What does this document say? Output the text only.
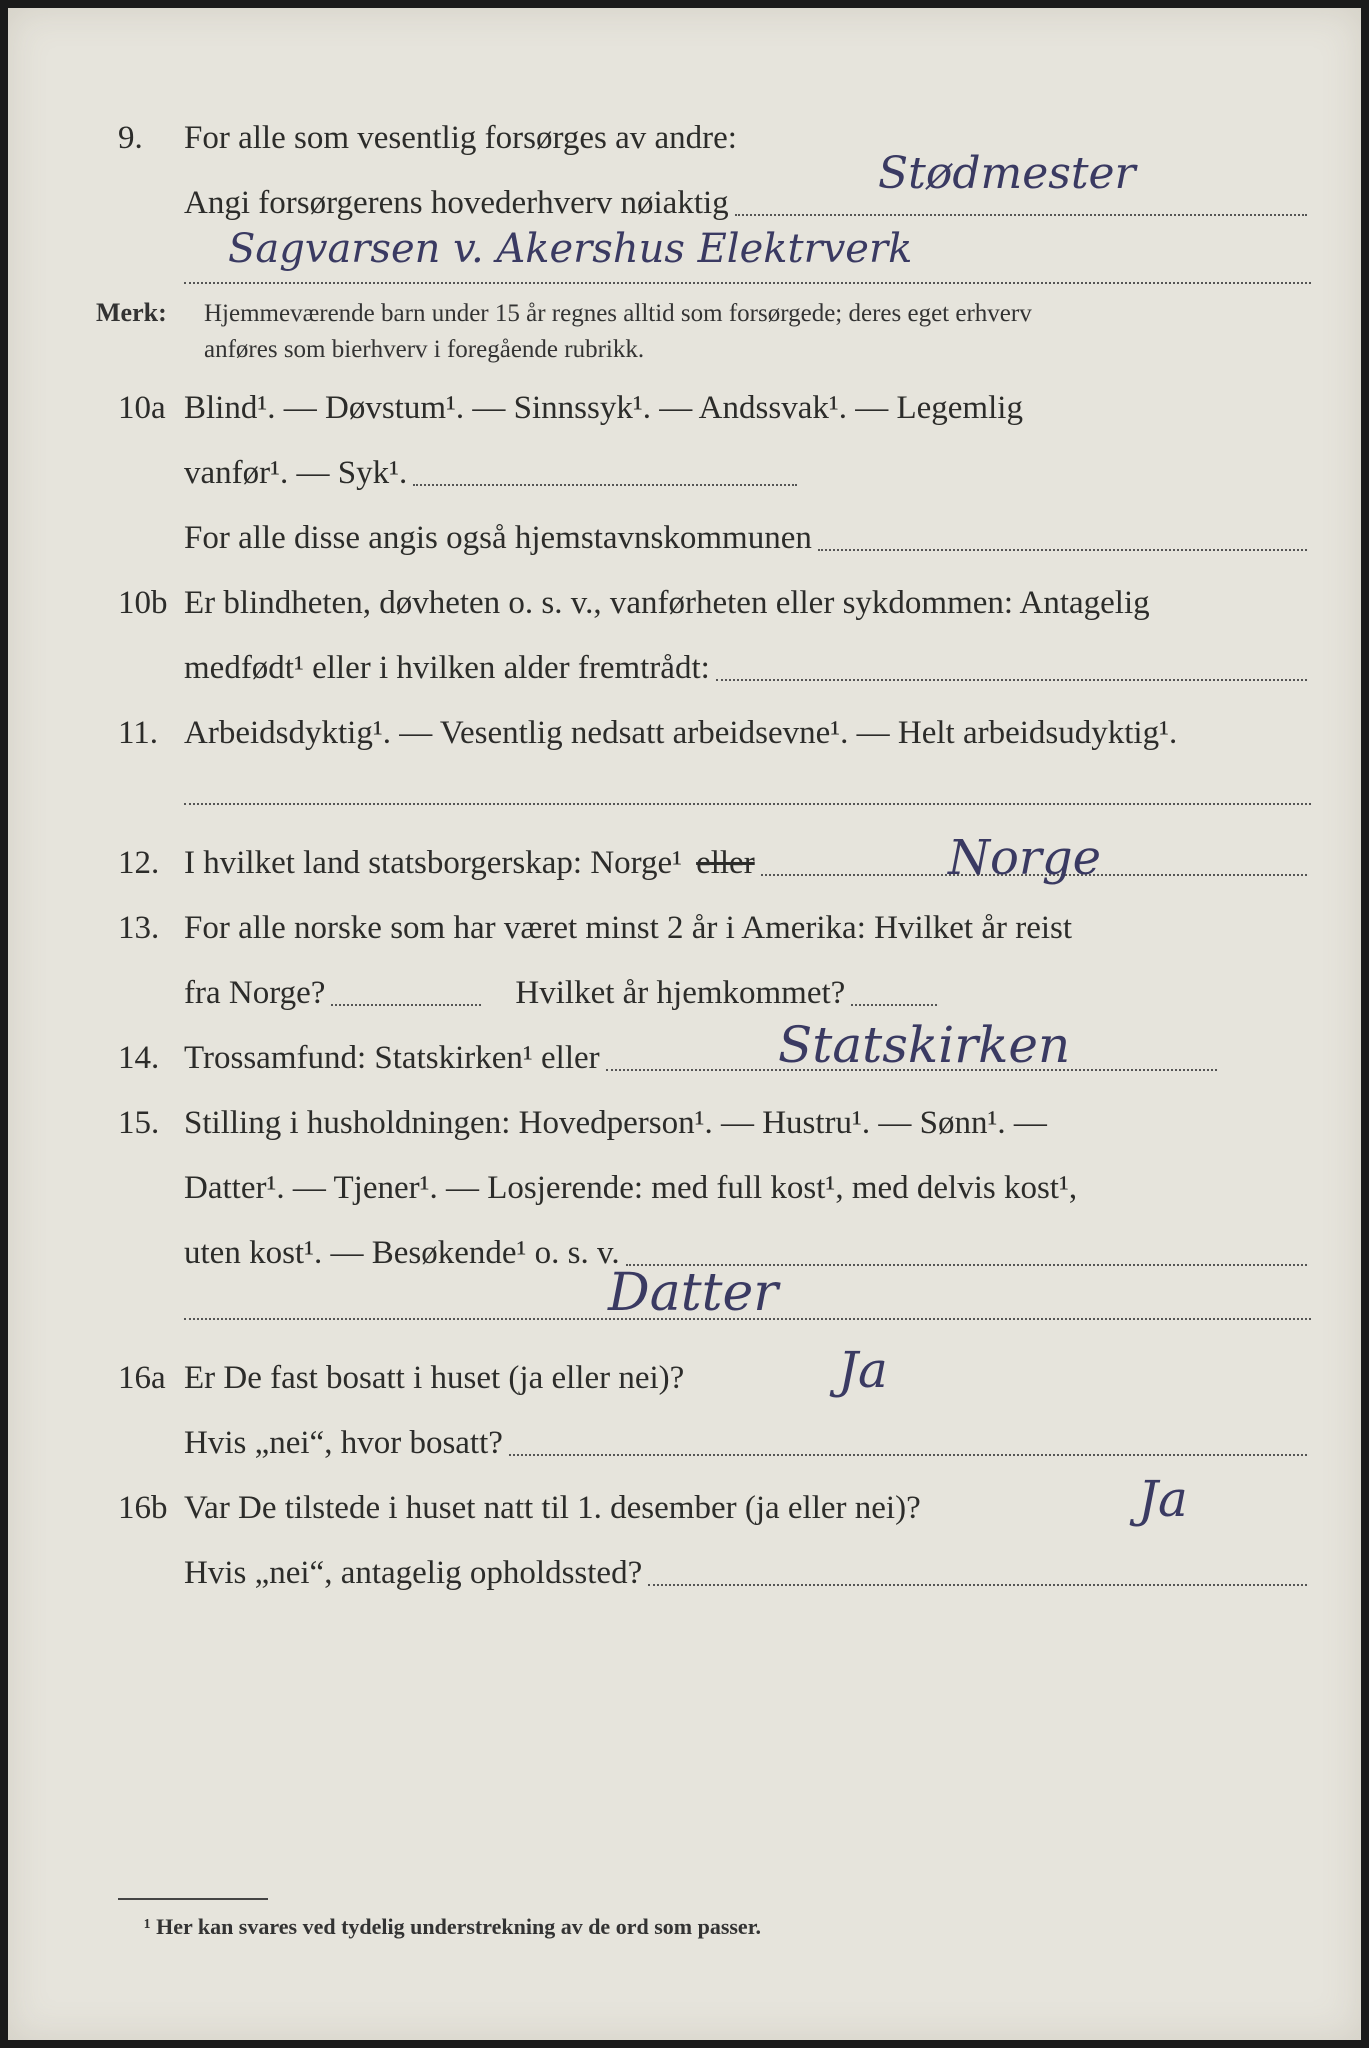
9. For alle som vesentlig forsørges av andre:
Angi forsørgerens hovederhverv nøiaktig
Stødmester
Sagvarsen v. Akershus Elektrverk
Merk: Hjemmeværende barn under 15 år regnes alltid som forsørgede; deres eget erhverv
anføres som bierhverv i foregående rubrikk.
10a Blind¹. — Døvstum¹. — Sinnssyk¹. — Andssvak¹. — Legemlig
vanfør¹. — Syk¹.
For alle disse angis også hjemstavnskommunen
10b Er blindheten, døvheten o. s. v., vanførheten eller sykdommen: Antagelig
medfødt¹ eller i hvilken alder fremtrådt:
11. Arbeidsdyktig¹. — Vesentlig nedsatt arbeidsevne¹. — Helt arbeidsudyktig¹.
12. I hvilket land statsborgerskap: Norge¹ eller	Norge
13. For alle norske som har været minst 2 år i Amerika: Hvilket år reist
fra Norge?	Hvilket år hjemkommet?
14. Trossamfund: Statskirken¹ eller	Statskirken
15. Stilling i husholdningen: Hovedperson¹. — Hustru¹. — Sønn¹. —
Datter¹. — Tjener¹. — Losjerende: med full kost¹, med delvis kost¹,
uten kost¹. — Besøkende¹ o. s. v.
Datter
16a Er De fast bosatt i huset (ja eller nei)?	Ja
Hvis „nei“, hvor bosatt?
16b Var De tilstede i huset natt til 1. desember (ja eller nei)?	Ja
Hvis „nei“, antagelig opholdssted?
¹ Her kan svares ved tydelig understrekning av de ord som passer.
